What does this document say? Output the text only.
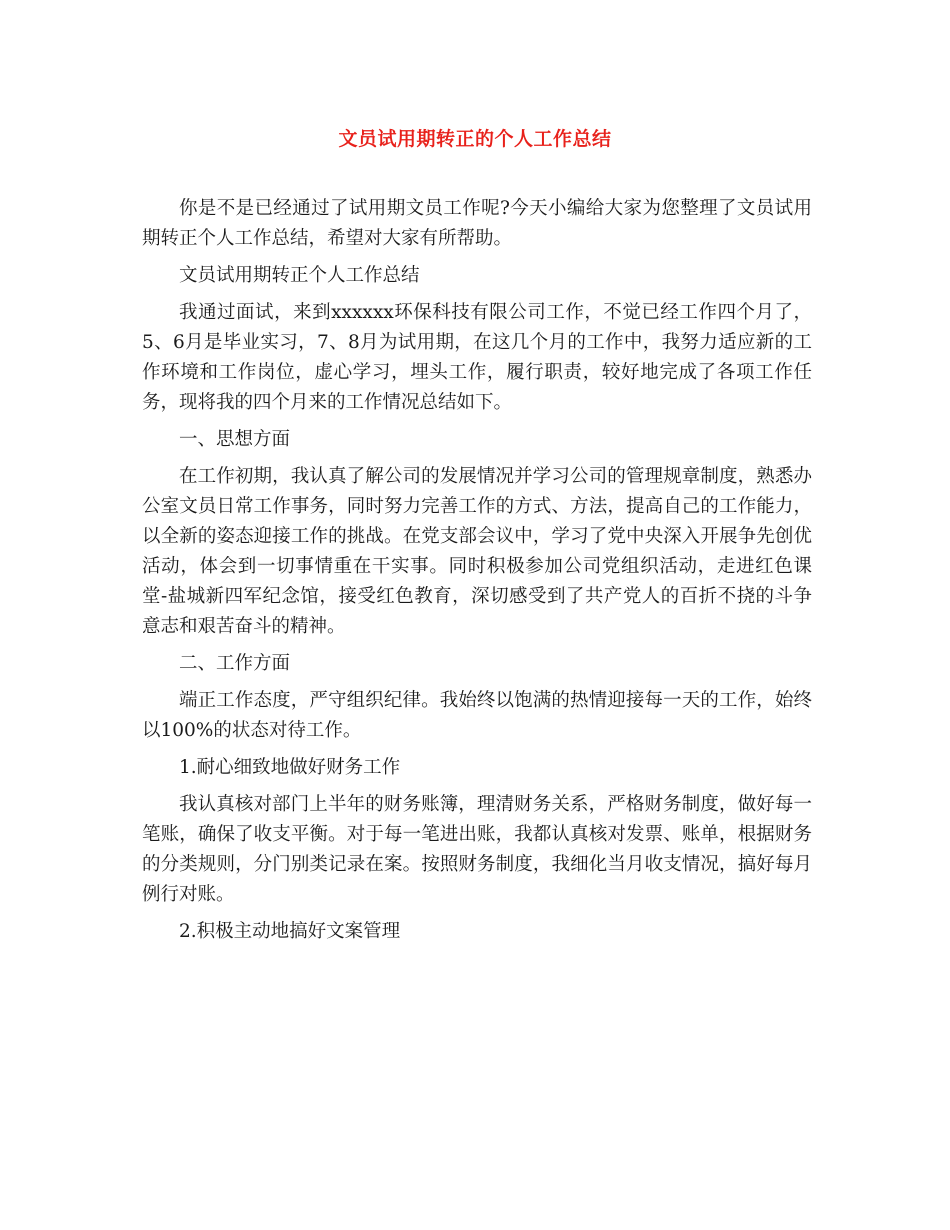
文员试用期转正的个人工作总结

你是不是已经通过了试用期文员工作呢?今天小编给大家为您整理了文员试用期转正个人工作总结，希望对大家有所帮助。

文员试用期转正个人工作总结

我通过面试，来到xxxxxx环保科技有限公司工作，不觉已经工作四个月了，5、6月是毕业实习，7、8月为试用期，在这几个月的工作中，我努力适应新的工作环境和工作岗位，虚心学习，埋头工作，履行职责，较好地完成了各项工作任务，现将我的四个月来的工作情况总结如下。

一、思想方面

在工作初期，我认真了解公司的发展情况并学习公司的管理规章制度，熟悉办公室文员日常工作事务，同时努力完善工作的方式、方法，提高自己的工作能力，以全新的姿态迎接工作的挑战。在党支部会议中，学习了党中央深入开展争先创优活动，体会到一切事情重在干实事。同时积极参加公司党组织活动，走进红色课堂-盐城新四军纪念馆，接受红色教育，深切感受到了共产党人的百折不挠的斗争意志和艰苦奋斗的精神。

二、工作方面

端正工作态度，严守组织纪律。我始终以饱满的热情迎接每一天的工作，始终以100%的状态对待工作。

1.耐心细致地做好财务工作

我认真核对部门上半年的财务账簿，理清财务关系，严格财务制度，做好每一笔账，确保了收支平衡。对于每一笔进出账，我都认真核对发票、账单，根据财务的分类规则，分门别类记录在案。按照财务制度，我细化当月收支情况，搞好每月例行对账。

2.积极主动地搞好文案管理
